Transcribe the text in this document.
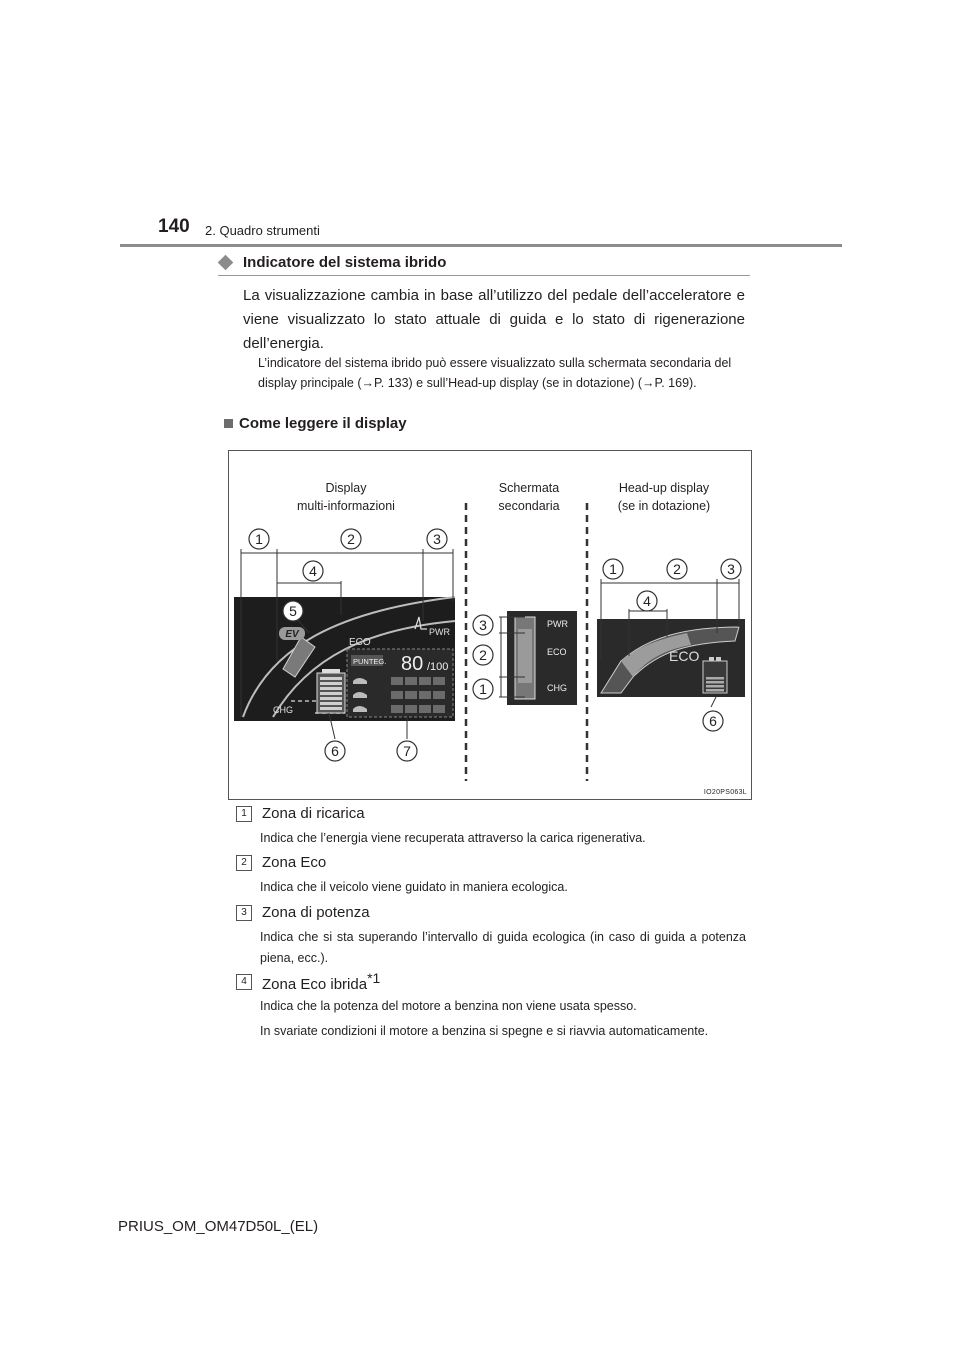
140 2. Quadro strumenti
Indicatore del sistema ibrido
La visualizzazione cambia in base all’utilizzo del pedale dell’acceleratore e viene visualizzato lo stato attuale di guida e lo stato di rigenerazione dell’energia.
L’indicatore del sistema ibrido può essere visualizzato sulla schermata secondaria del display principale (→P. 133) e sull’Head-up display (se in dotazione) (→P. 169).
Come leggere il display
Display
multi-informazioni
Schermata
secondaria
Head-up display
(se in dotazione)
EV
ECO
PWR
CHG
PUNTEG. 80 /100
PWR
ECO
CHG
ECO
1	2	3
4
5
6	7
3
2
1
1	2	3
4
6
IO20PS063L
1	Zona di ricarica
Indica che l’energia viene recuperata attraverso la carica rigenerativa.
2	Zona Eco
Indica che il veicolo viene guidato in maniera ecologica.
3	Zona di potenza
Indica che si sta superando l’intervallo di guida ecologica (in caso di guida a potenza piena, ecc.).
4	Zona Eco ibrida$^{*1}$
Indica che la potenza del motore a benzina non viene usata spesso.
In svariate condizioni il motore a benzina si spegne e si riavvia automaticamente.
PRIUS_OM_OM47D50L_(EL)
